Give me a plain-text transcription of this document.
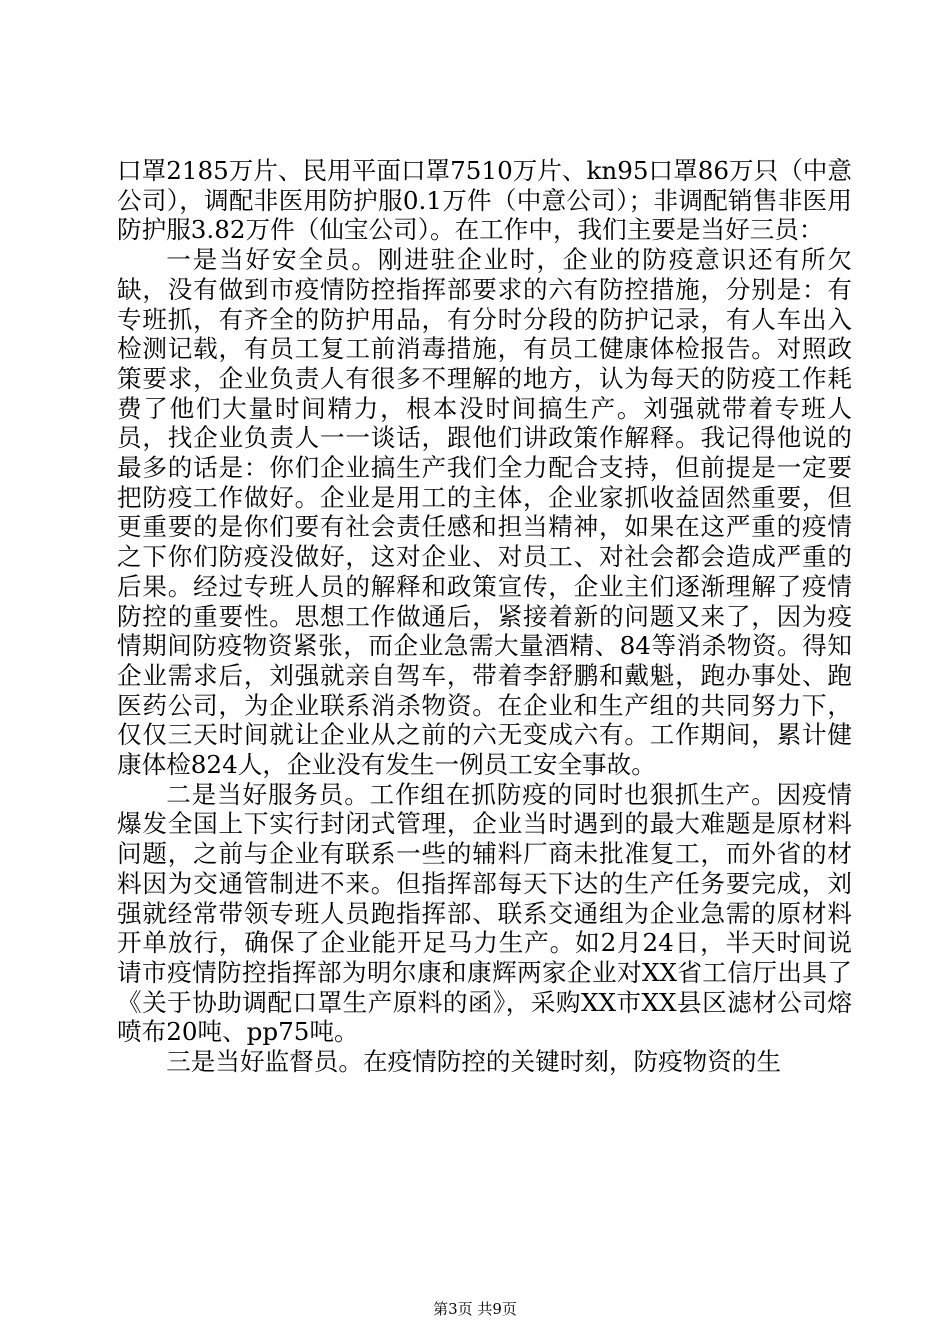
口罩2185万片、民用平面口罩7510万片、kn95口罩86万只（中意公司），调配非医用防护服0.1万件（中意公司）；非调配销售非医用防护服3.82万件（仙宝公司）。在工作中，我们主要是当好三员：

一是当好安全员。刚进驻企业时，企业的防疫意识还有所欠缺，没有做到市疫情防控指挥部要求的六有防控措施，分别是：有专班抓，有齐全的防护用品，有分时分段的防护记录，有人车出入检测记载，有员工复工前消毒措施，有员工健康体检报告。对照政策要求，企业负责人有很多不理解的地方，认为每天的防疫工作耗费了他们大量时间精力，根本没时间搞生产。刘强就带着专班人员，找企业负责人一一谈话，跟他们讲政策作解释。我记得他说的最多的话是：你们企业搞生产我们全力配合支持，但前提是一定要把防疫工作做好。企业是用工的主体，企业家抓收益固然重要，但更重要的是你们要有社会责任感和担当精神，如果在这严重的疫情之下你们防疫没做好，这对企业、对员工、对社会都会造成严重的后果。经过专班人员的解释和政策宣传，企业主们逐渐理解了疫情防控的重要性。思想工作做通后，紧接着新的问题又来了，因为疫情期间防疫物资紧张，而企业急需大量酒精、84等消杀物资。得知企业需求后，刘强就亲自驾车，带着李舒鹏和戴魁，跑办事处、跑医药公司，为企业联系消杀物资。在企业和生产组的共同努力下，仅仅三天时间就让企业从之前的六无变成六有。工作期间，累计健康体检824人，企业没有发生一例员工安全事故。

二是当好服务员。工作组在抓防疫的同时也狠抓生产。因疫情爆发全国上下实行封闭式管理，企业当时遇到的最大难题是原材料问题，之前与企业有联系一些的辅料厂商未批准复工，而外省的材料因为交通管制进不来。但指挥部每天下达的生产任务要完成，刘强就经常带领专班人员跑指挥部、联系交通组为企业急需的原材料开单放行，确保了企业能开足马力生产。如2月24日，半天时间说请市疫情防控指挥部为明尔康和康辉两家企业对XX省工信厅出具了《关于协助调配口罩生产原料的函》，采购XX市XX县区滤材公司熔喷布20吨、pp75吨。

三是当好监督员。在疫情防控的关键时刻，防疫物资的生

第3页 共9页
